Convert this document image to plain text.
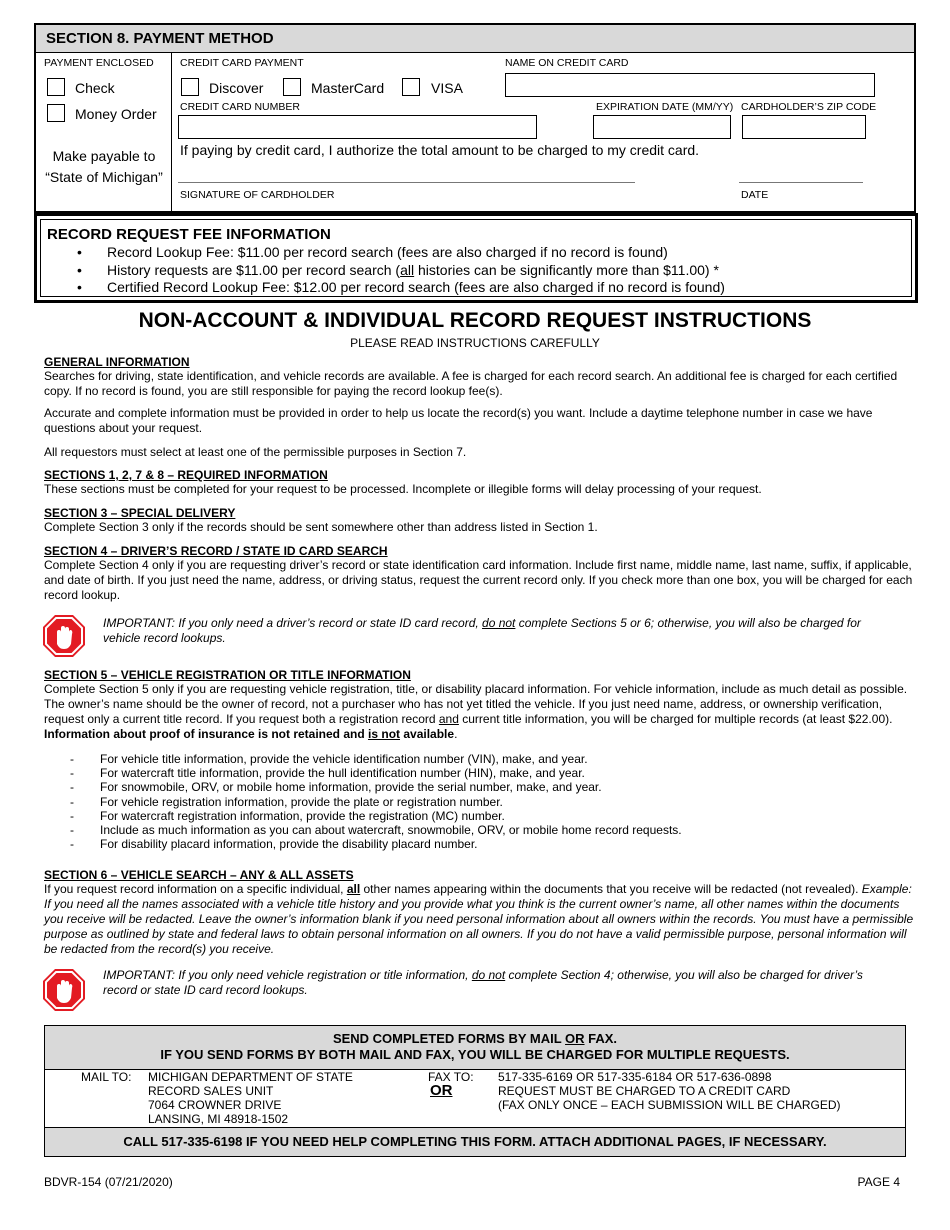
SECTION 8. PAYMENT METHOD
PAYMENT ENCLOSED
Check
Money Order
Make payable to
“State of Michigan”
CREDIT CARD PAYMENT
Discover	MasterCard	VISA
NAME ON CREDIT CARD
CREDIT CARD NUMBER	EXPIRATION DATE (MM/YY) CARDHOLDER’S ZIP CODE
If paying by credit card, I authorize the total amount to be charged to my credit card.
SIGNATURE OF CARDHOLDER	DATE
RECORD REQUEST FEE INFORMATION
• Record Lookup Fee: $11.00 per record search (fees are also charged if no record is found)
• History requests are $11.00 per record search (all histories can be significantly more than $11.00) *
• Certified Record Lookup Fee: $12.00 per record search (fees are also charged if no record is found)
NON-ACCOUNT & INDIVIDUAL RECORD REQUEST INSTRUCTIONS
PLEASE READ INSTRUCTIONS CAREFULLY
GENERAL INFORMATION
Searches for driving, state identification, and vehicle records are available. A fee is charged for each record search. An additional fee is charged for each certified copy. If no record is found, you are still responsible for paying the record lookup fee(s).
Accurate and complete information must be provided in order to help us locate the record(s) you want. Include a daytime telephone number in case we have questions about your request.
All requestors must select at least one of the permissible purposes in Section 7.
SECTIONS 1, 2, 7 & 8 – REQUIRED INFORMATION
These sections must be completed for your request to be processed. Incomplete or illegible forms will delay processing of your request.
SECTION 3 – SPECIAL DELIVERY
Complete Section 3 only if the records should be sent somewhere other than address listed in Section 1.
SECTION 4 – DRIVER’S RECORD / STATE ID CARD SEARCH
Complete Section 4 only if you are requesting driver’s record or state identification card information. Include first name, middle name, last name, suffix, if applicable, and date of birth. If you just need the name, address, or driving status, request the current record only. If you check more than one box, you will be charged for each record lookup.
IMPORTANT: If you only need a driver’s record or state ID card record, do not complete Sections 5 or 6; otherwise, you will also be charged for vehicle record lookups.
SECTION 5 – VEHICLE REGISTRATION OR TITLE INFORMATION
Complete Section 5 only if you are requesting vehicle registration, title, or disability placard information. For vehicle information, include as much detail as possible. The owner’s name should be the owner of record, not a purchaser who has not yet titled the vehicle. If you just need name, address, or ownership verification, request only a current title record. If you request both a registration record and current title information, you will be charged for multiple records (at least $22.00). Information about proof of insurance is not retained and is not available.
- For vehicle title information, provide the vehicle identification number (VIN), make, and year.
- For watercraft title information, provide the hull identification number (HIN), make, and year.
- For snowmobile, ORV, or mobile home information, provide the serial number, make, and year.
- For vehicle registration information, provide the plate or registration number.
- For watercraft registration information, provide the registration (MC) number.
- Include as much information as you can about watercraft, snowmobile, ORV, or mobile home record requests.
- For disability placard information, provide the disability placard number.
SECTION 6 – VEHICLE SEARCH – ANY & ALL ASSETS
If you request record information on a specific individual, all other names appearing within the documents that you receive will be redacted (not revealed). Example: If you need all the names associated with a vehicle title history and you provide what you think is the current owner’s name, all other names within the documents you receive will be redacted. Leave the owner’s information blank if you need personal information about all owners within the records. You must have a permissible purpose as outlined by state and federal laws to obtain personal information on all owners. If you do not have a valid permissible purpose, personal information will be redacted from the record(s) you receive.
IMPORTANT: If you only need vehicle registration or title information, do not complete Section 4; otherwise, you will also be charged for driver’s record or state ID card record lookups.
SEND COMPLETED FORMS BY MAIL OR FAX.
IF YOU SEND FORMS BY BOTH MAIL AND FAX, YOU WILL BE CHARGED FOR MULTIPLE REQUESTS.
MAIL TO: MICHIGAN DEPARTMENT OF STATE
RECORD SALES UNIT
7064 CROWNER DRIVE
LANSING, MI 48918-1502
OR
FAX TO: 517-335-6169 OR 517-335-6184 OR 517-636-0898
REQUEST MUST BE CHARGED TO A CREDIT CARD
(FAX ONLY ONCE – EACH SUBMISSION WILL BE CHARGED)
CALL 517-335-6198 IF YOU NEED HELP COMPLETING THIS FORM. ATTACH ADDITIONAL PAGES, IF NECESSARY.
BDVR-154 (07/21/2020)	PAGE 4
